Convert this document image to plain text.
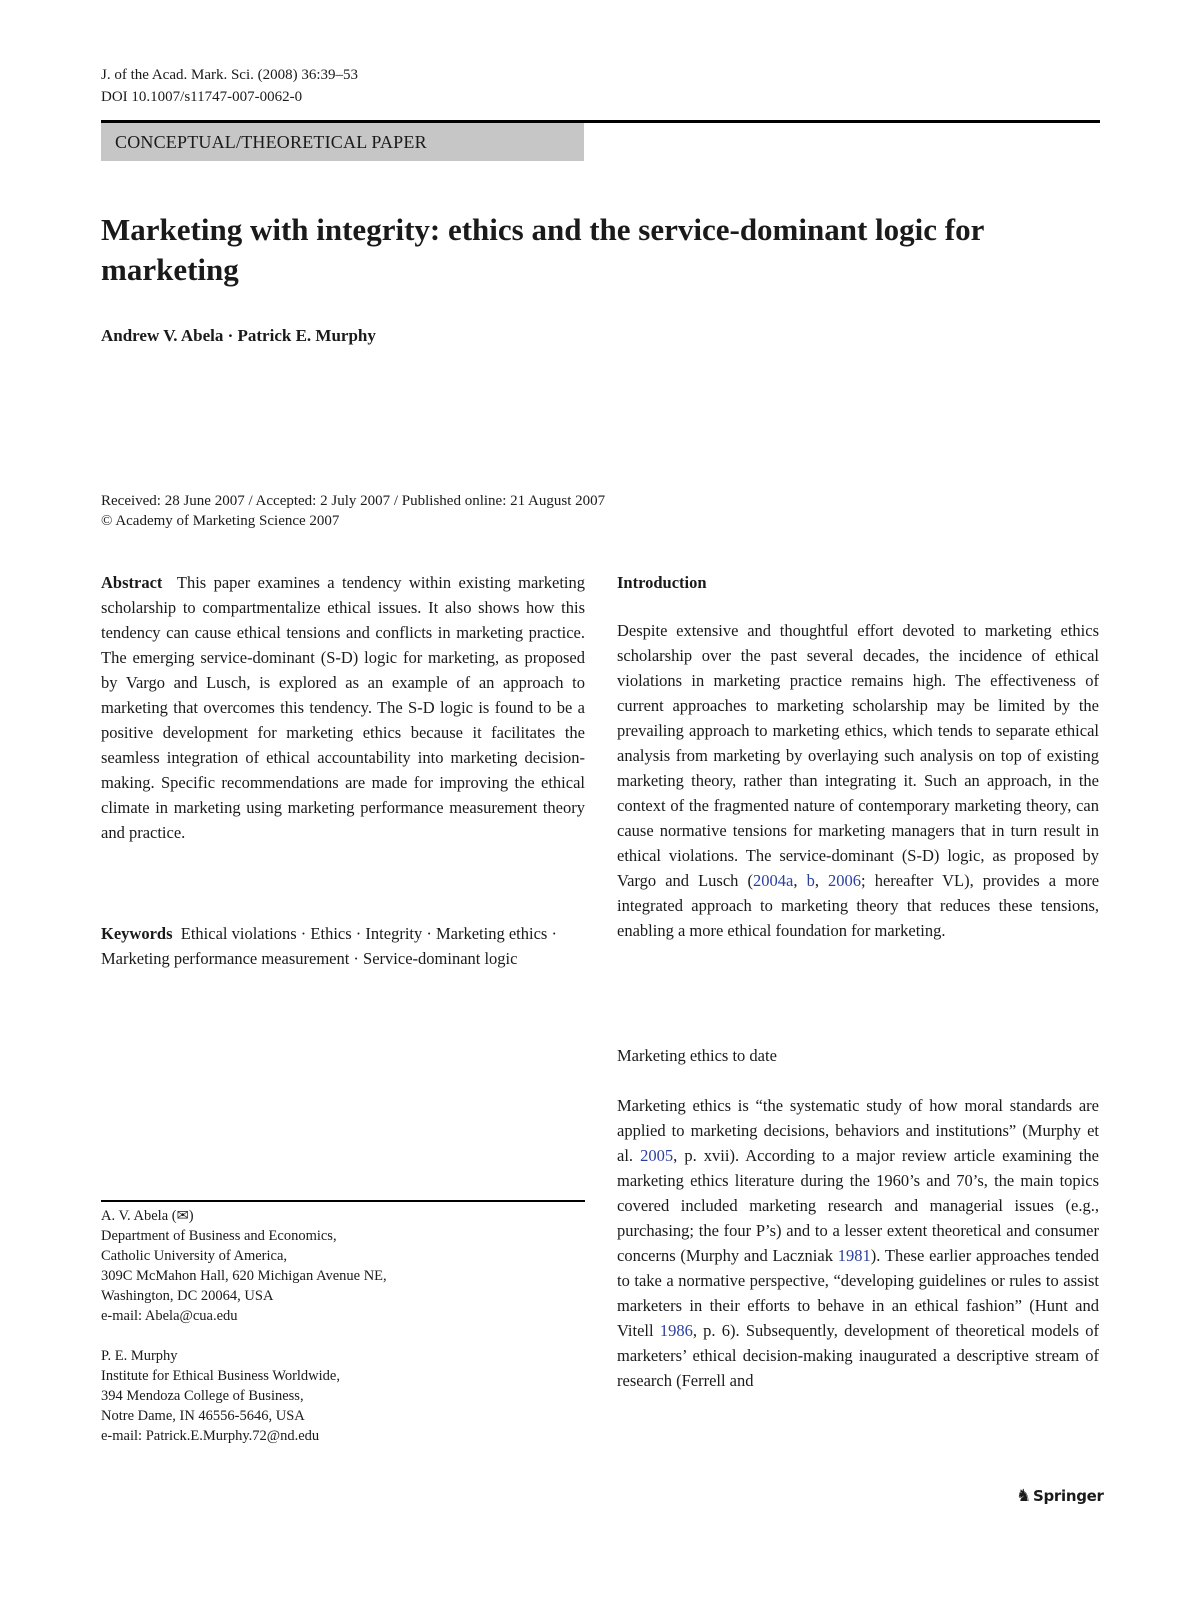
J. of the Acad. Mark. Sci. (2008) 36:39–53
DOI 10.1007/s11747-007-0062-0
CONCEPTUAL/THEORETICAL PAPER
Marketing with integrity: ethics and the service-dominant logic for marketing
Andrew V. Abela · Patrick E. Murphy
Received: 28 June 2007 / Accepted: 2 July 2007 / Published online: 21 August 2007
© Academy of Marketing Science 2007
Abstract This paper examines a tendency within existing marketing scholarship to compartmentalize ethical issues. It also shows how this tendency can cause ethical tensions and conflicts in marketing practice. The emerging service-dominant (S-D) logic for marketing, as proposed by Vargo and Lusch, is explored as an example of an approach to marketing that overcomes this tendency. The S-D logic is found to be a positive development for marketing ethics because it facilitates the seamless integration of ethical accountability into marketing decision-making. Specific recommendations are made for improving the ethical climate in marketing using marketing performance measurement theory and practice.
Keywords Ethical violations · Ethics · Integrity · Marketing ethics · Marketing performance measurement · Service-dominant logic
A. V. Abela (✉)
Department of Business and Economics,
Catholic University of America,
309C McMahon Hall, 620 Michigan Avenue NE,
Washington, DC 20064, USA
e-mail: Abela@cua.edu
P. E. Murphy
Institute for Ethical Business Worldwide,
394 Mendoza College of Business,
Notre Dame, IN 46556-5646, USA
e-mail: Patrick.E.Murphy.72@nd.edu
Introduction
Despite extensive and thoughtful effort devoted to marketing ethics scholarship over the past several decades, the incidence of ethical violations in marketing practice remains high. The effectiveness of current approaches to marketing scholarship may be limited by the prevailing approach to marketing ethics, which tends to separate ethical analysis from marketing by overlaying such analysis on top of existing marketing theory, rather than integrating it. Such an approach, in the context of the fragmented nature of contemporary marketing theory, can cause normative tensions for marketing managers that in turn result in ethical violations. The service-dominant (S-D) logic, as proposed by Vargo and Lusch (2004a, b, 2006; hereafter VL), provides a more integrated approach to marketing theory that reduces these tensions, enabling a more ethical foundation for marketing.
Marketing ethics to date
Marketing ethics is “the systematic study of how moral standards are applied to marketing decisions, behaviors and institutions” (Murphy et al. 2005, p. xvii). According to a major review article examining the marketing ethics literature during the 1960’s and 70’s, the main topics covered included marketing research and managerial issues (e.g., purchasing; the four P’s) and to a lesser extent theoretical and consumer concerns (Murphy and Laczniak 1981). These earlier approaches tended to take a normative perspective, “developing guidelines or rules to assist marketers in their efforts to behave in an ethical fashion” (Hunt and Vitell 1986, p. 6). Subsequently, development of theoretical models of marketers’ ethical decision-making inaugurated a descriptive stream of research (Ferrell and
♞ Springer
